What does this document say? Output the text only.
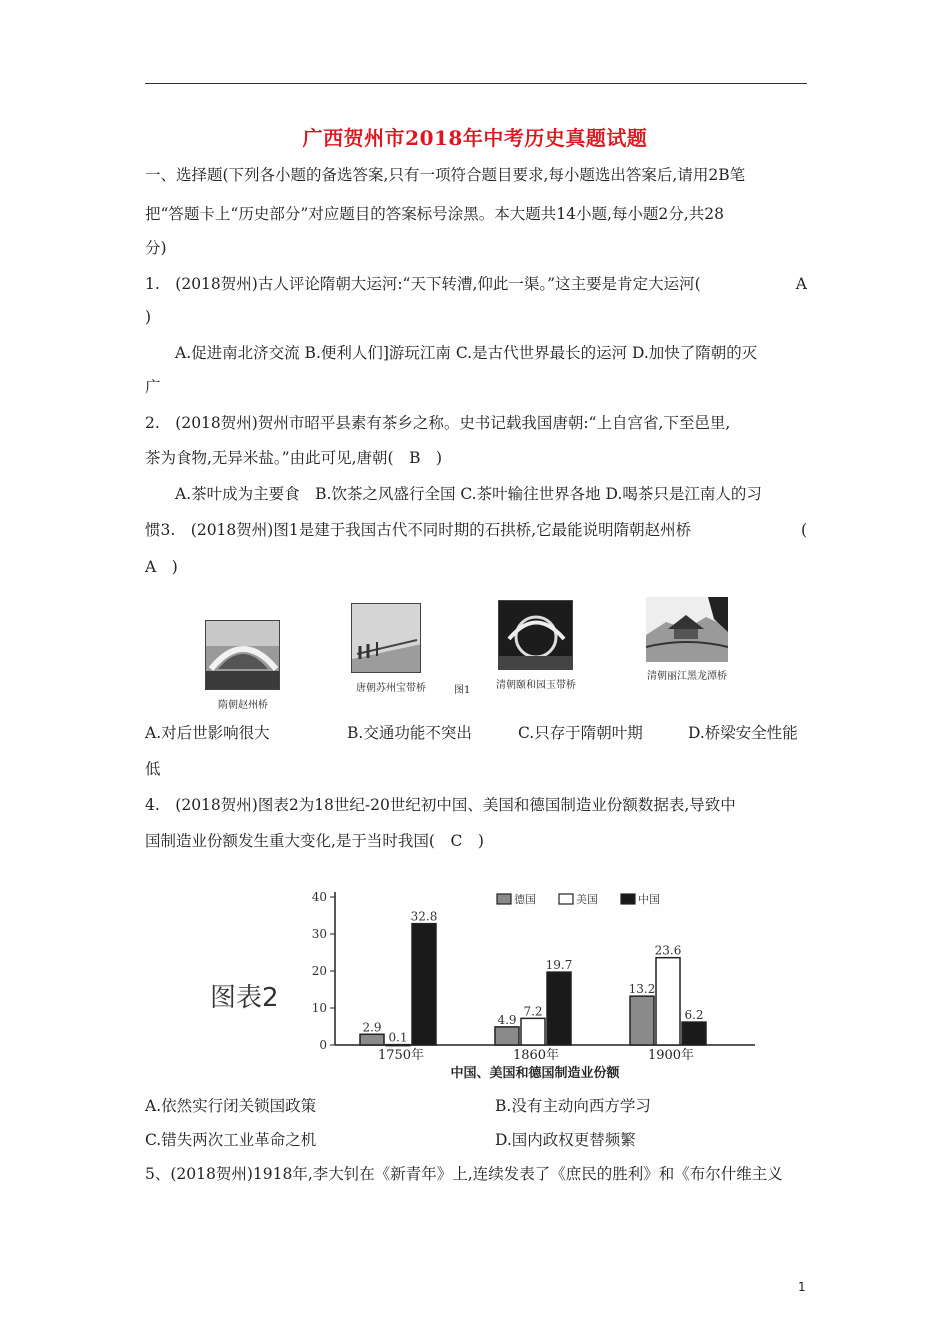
广西贺州市2018年中考历史真题试题
一、选择题(下列各小题的备选答案,只有一项符合题目要求,每小题选出答案后,请用2B笔
把“答题卡上“历史部分”对应题目的答案标号涂黑。本大题共14小题,每小题2分,共28
分)
1.　(2018贺州)古人评论隋朝大运河:“天下转漕,仰此一渠。”这主要是肯定大运河(	A
)
A.促进南北济交流 B.便利人们]游玩江南 C.是古代世界最长的运河 D.加快了隋朝的灭
广
2.　(2018贺州)贺州市昭平县素有茶乡之称。史书记载我国唐朝:“上自宫省,下至邑里,
茶为食物,无异米盐。”由此可见,唐朝(　B　)
A.茶叶成为主要食　B.饮茶之风盛行全国 C.茶叶输往世界各地 D.喝茶只是江南人的习
惯3.　(2018贺州)图1是建于我国古代不同时期的石拱桥,它最能说明隋朝赵州桥	(
A　)
隋朝赵州桥
唐朝苏州宝带桥	清朝颐和园玉带桥
清朝丽江黑龙潭桥
图1
A.对后世影响很大	B.交通功能不突出	C.只存于隋朝叶期	D.桥梁安全性能
低
4.　(2018贺州)图表2为18世纪-20世纪初中国、美国和德国制造业份额数据表,导致中
国制造业份额发生重大变化,是于当时我国(　C　)
0
10
20
30
40
图表2
2.9
0.1
32.8
1750年
4.9
7.2
19.7
1860年
13.2
23.6
6.2
1900年
德国	美国	中国
中国、美国和德国制造业份额
A.依然实行闭关锁国政策	B.没有主动向西方学习
C.错失两次工业革命之机	D.国内政权更替频繁
5、(2018贺州)1918年,李大钊在《新青年》上,连续发表了《庶民的胜利》和《布尔什维主义
1
